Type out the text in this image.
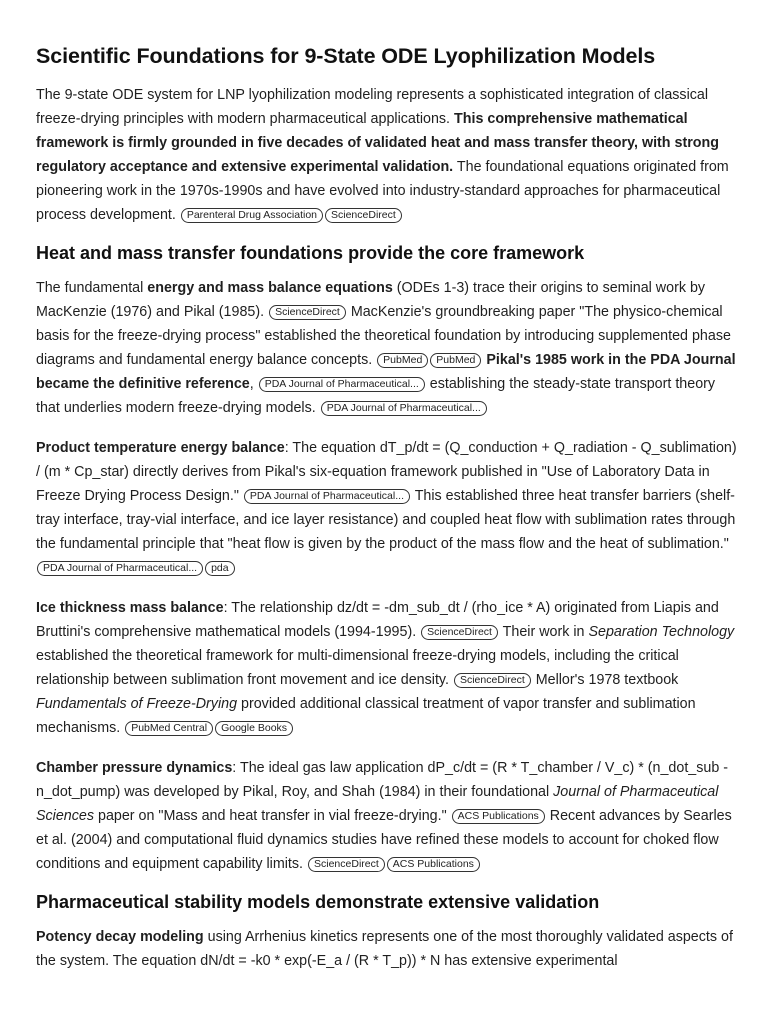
Scientific Foundations for 9-State ODE Lyophilization Models

The 9-state ODE system for LNP lyophilization modeling represents a sophisticated integration of classical freeze-drying principles with modern pharmaceutical applications. This comprehensive mathematical framework is firmly grounded in five decades of validated heat and mass transfer theory, with strong regulatory acceptance and extensive experimental validation. The foundational equations originated from pioneering work in the 1970s-1990s and have evolved into industry-standard approaches for pharmaceutical process development. Parenteral Drug Association ScienceDirect

Heat and mass transfer foundations provide the core framework

The fundamental energy and mass balance equations (ODEs 1-3) trace their origins to seminal work by MacKenzie (1976) and Pikal (1985). ScienceDirect MacKenzie's groundbreaking paper "The physico-chemical basis for the freeze-drying process" established the theoretical foundation by introducing supplemented phase diagrams and fundamental energy balance concepts. PubMed PubMed Pikal's 1985 work in the PDA Journal became the definitive reference, PDA Journal of Pharmaceutical... establishing the steady-state transport theory that underlies modern freeze-drying models. PDA Journal of Pharmaceutical...

Product temperature energy balance: The equation dT_p/dt = (Q_conduction + Q_radiation - Q_sublimation) / (m * Cp_star) directly derives from Pikal's six-equation framework published in "Use of Laboratory Data in Freeze Drying Process Design." PDA Journal of Pharmaceutical... This established three heat transfer barriers (shelf-tray interface, tray-vial interface, and ice layer resistance) and coupled heat flow with sublimation rates through the fundamental principle that "heat flow is given by the product of the mass flow and the heat of sublimation." PDA Journal of Pharmaceutical... pda

Ice thickness mass balance: The relationship dz/dt = -dm_sub_dt / (rho_ice * A) originated from Liapis and Bruttini's comprehensive mathematical models (1994-1995). ScienceDirect Their work in Separation Technology established the theoretical framework for multi-dimensional freeze-drying models, including the critical relationship between sublimation front movement and ice density. ScienceDirect Mellor's 1978 textbook Fundamentals of Freeze-Drying provided additional classical treatment of vapor transfer and sublimation mechanisms. PubMed Central Google Books

Chamber pressure dynamics: The ideal gas law application dP_c/dt = (R * T_chamber / V_c) * (n_dot_sub - n_dot_pump) was developed by Pikal, Roy, and Shah (1984) in their foundational Journal of Pharmaceutical Sciences paper on "Mass and heat transfer in vial freeze-drying." ACS Publications Recent advances by Searles et al. (2004) and computational fluid dynamics studies have refined these models to account for choked flow conditions and equipment capability limits. ScienceDirect ACS Publications

Pharmaceutical stability models demonstrate extensive validation

Potency decay modeling using Arrhenius kinetics represents one of the most thoroughly validated aspects of the system. The equation dN/dt = -k0 * exp(-E_a / (R * T_p)) * N has extensive experimental
